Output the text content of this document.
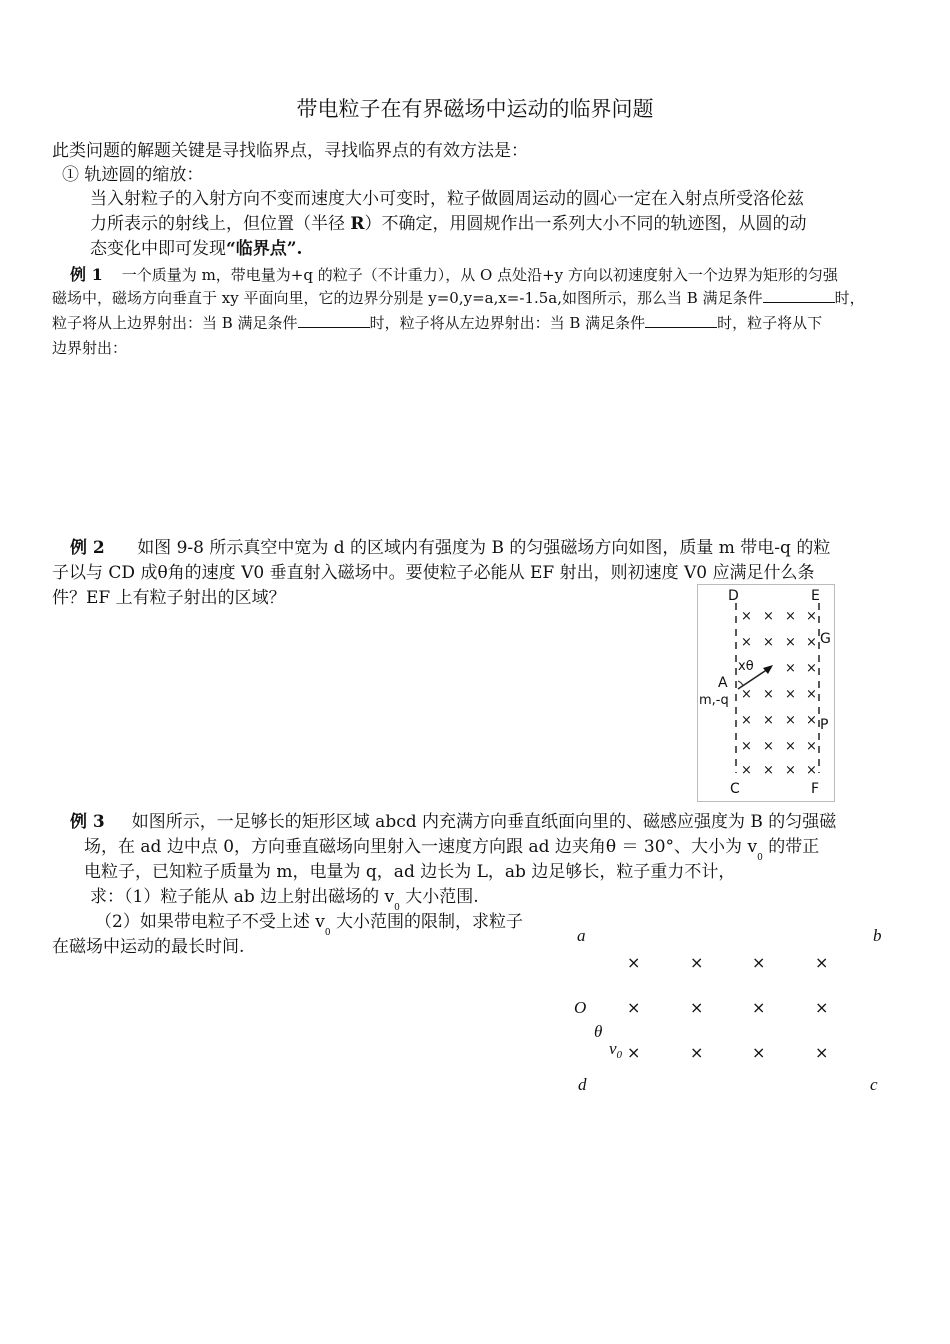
带电粒子在有界磁场中运动的临界问题
此类问题的解题关键是寻找临界点，寻找临界点的有效方法是：
① 轨迹圆的缩放：
当入射粒子的入射方向不变而速度大小可变时，粒子做圆周运动的圆心一定在入射点所受洛伦兹
力所表示的射线上，但位置（半径 R）不确定，用圆规作出一系列大小不同的轨迹图，从圆的动
态变化中即可发现“临界点”.
例 1 一个质量为 m，带电量为+q 的粒子（不计重力），从 O 点处沿+y 方向以初速度射入一个边界为矩形的匀强
磁场中，磁场方向垂直于 xy 平面向里，它的边界分别是 y=0,y=a,x=-1.5a,如图所示，那么当 B 满足条件	时，
粒子将从上边界射出：当 B 满足条件	时，粒子将从左边界射出：当 B 满足条件	时，粒子将从下
边界射出：
例 2 如图 9-8 所示真空中宽为 d 的区域内有强度为 B 的匀强磁场方向如图，质量 m 带电-q 的粒
子以与 CD 成θ角的速度 V0 垂直射入磁场中。要使粒子必能从 EF 射出，则初速度 V0 应满足什么条
件？EF 上有粒子射出的区域？	D	E
G
A
m,-q
P
C	F
xθ
× × × ×
× × × ×
× ×
× × × ×
× × × ×
× × × ×
× × × ×
例 3 如图所示，一足够长的矩形区域 abcd 内充满方向垂直纸面向里的、磁感应强度为 B 的匀强磁
场，在 ad 边中点 0，方向垂直磁场向里射入一速度方向跟 ad 边夹角θ ＝ 30°、大小为 $v_0$ 的带正
电粒子，已知粒子质量为 m，电量为 q，ad 边长为 L，ab 边足够长，粒子重力不计，
求：（1）粒子能从 ab 边上射出磁场的 $v_0$ 大小范围.
（2）如果带电粒子不受上述 $v_0$ 大小范围的限制，求粒子
在磁场中运动的最长时间.
a	b
O
θ
$v_0$
d	c
×	×	×	×
×	×	×	×
×	×	×	×
